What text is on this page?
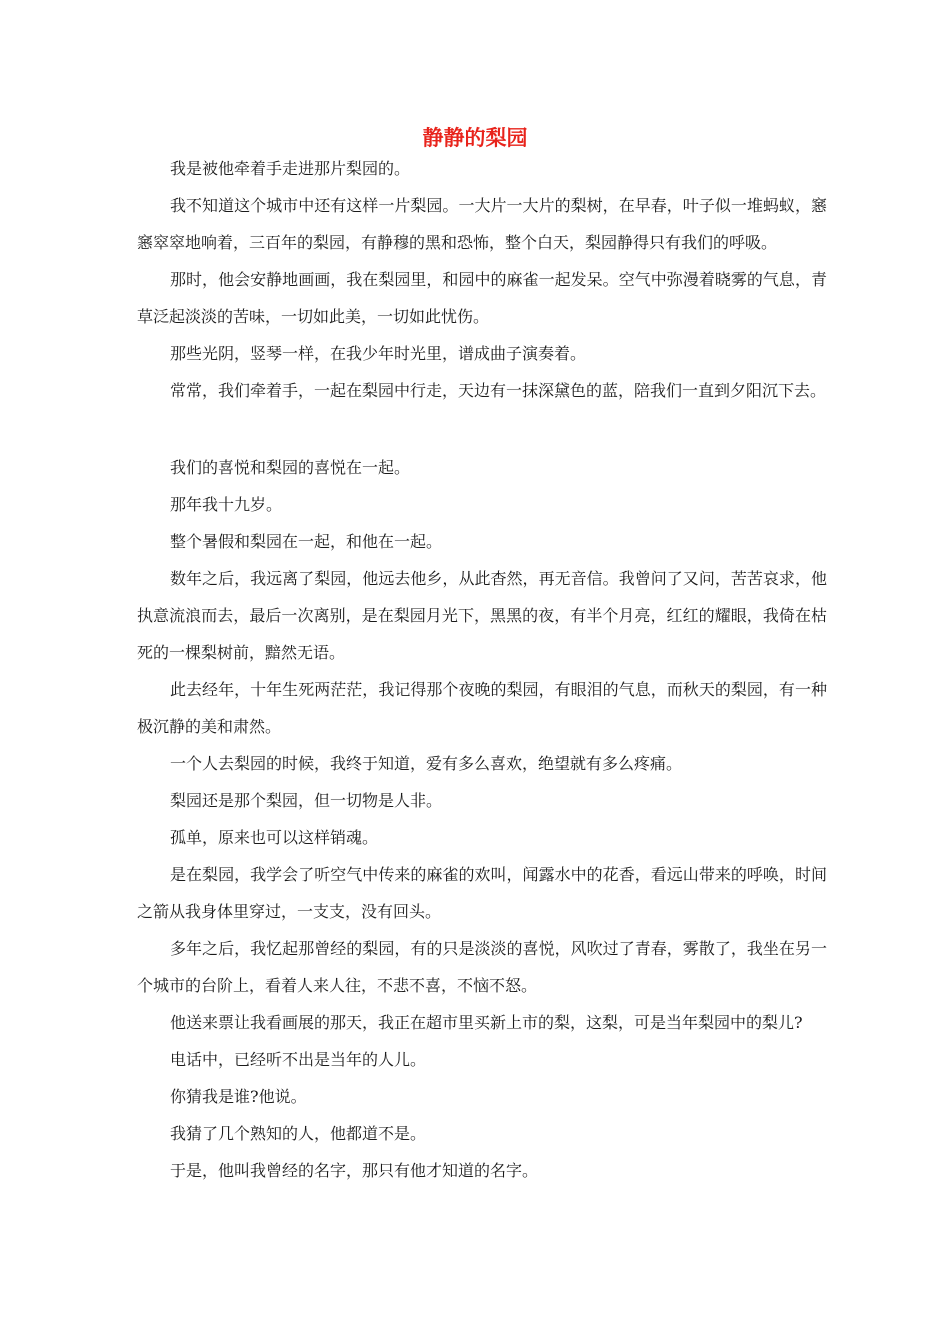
静静的梨园

我是被他牵着手走进那片梨园的。

我不知道这个城市中还有这样一片梨园。一大片一大片的梨树，在早春，叶子似一堆蚂蚁，窸窸窣窣地响着，三百年的梨园，有静穆的黑和恐怖，整个白天，梨园静得只有我们的呼吸。

那时，他会安静地画画，我在梨园里，和园中的麻雀一起发呆。空气中弥漫着晓雾的气息，青草泛起淡淡的苦味，一切如此美，一切如此忧伤。

那些光阴，竖琴一样，在我少年时光里，谱成曲子演奏着。

常常，我们牵着手，一起在梨园中行走，天边有一抹深黛色的蓝，陪我们一直到夕阳沉下去。

我们的喜悦和梨园的喜悦在一起。

那年我十九岁。

整个暑假和梨园在一起，和他在一起。

数年之后，我远离了梨园，他远去他乡，从此杳然，再无音信。我曾问了又问，苦苦哀求，他执意流浪而去，最后一次离别，是在梨园月光下，黑黑的夜，有半个月亮，红红的耀眼，我倚在枯死的一棵梨树前，黯然无语。

此去经年，十年生死两茫茫，我记得那个夜晚的梨园，有眼泪的气息，而秋天的梨园，有一种极沉静的美和肃然。

一个人去梨园的时候，我终于知道，爱有多么喜欢，绝望就有多么疼痛。

梨园还是那个梨园，但一切物是人非。

孤单，原来也可以这样销魂。

是在梨园，我学会了听空气中传来的麻雀的欢叫，闻露水中的花香，看远山带来的呼唤，时间之箭从我身体里穿过，一支支，没有回头。

多年之后，我忆起那曾经的梨园，有的只是淡淡的喜悦，风吹过了青春，雾散了，我坐在另一个城市的台阶上，看着人来人往，不悲不喜，不恼不怒。

他送来票让我看画展的那天，我正在超市里买新上市的梨，这梨，可是当年梨园中的梨儿?

电话中，已经听不出是当年的人儿。

你猜我是谁?他说。

我猜了几个熟知的人，他都道不是。

于是，他叫我曾经的名字，那只有他才知道的名字。
